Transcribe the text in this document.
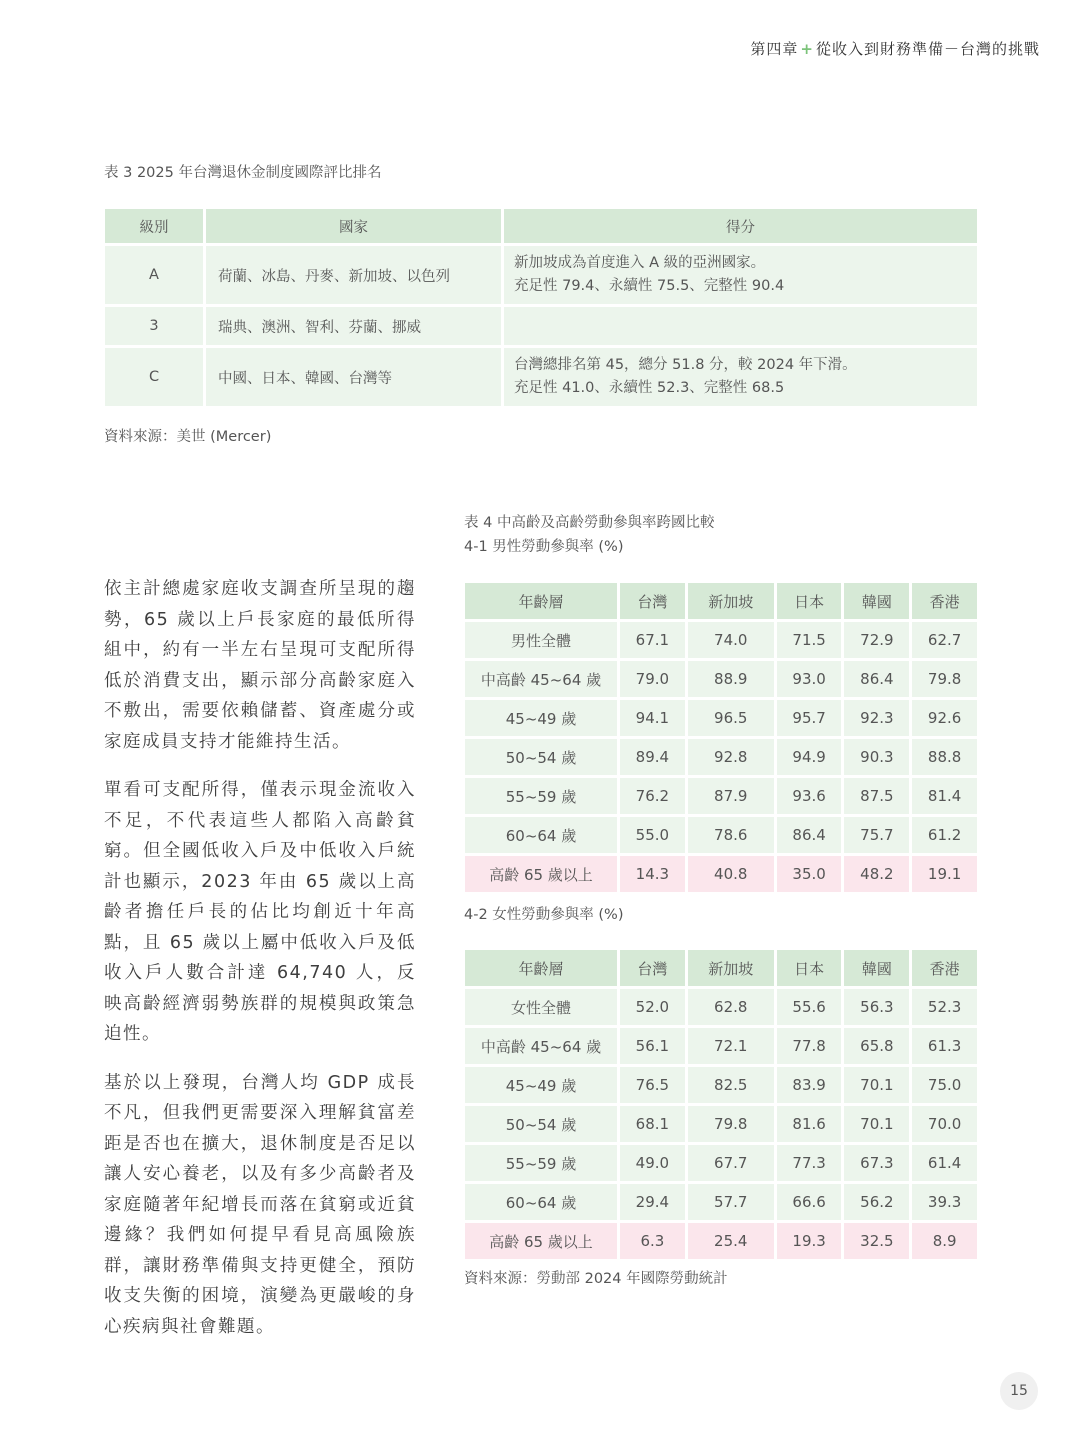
第四章 + 從收入到財務準備－台灣的挑戰
表 3 2025 年台灣退休金制度國際評比排名
級別	國家	得分
A	荷蘭、冰島、丹麥、新加坡、以色列	新加坡成為首度進入 A 級的亞洲國家。
充足性 79.4、永續性 75.5、完整性 90.4

3	瑞典、澳洲、智利、芬蘭、挪威	
C	中國、日本、韓國、台灣等	台灣總排名第 45，總分 51.8 分，較 2024 年下滑。
充足性 41.0、永續性 52.3、完整性 68.5
資料來源：美世 (Mercer)
表 4 中高齡及高齡勞動參與率跨國比較
4-1 男性勞動參與率 (%)
年齡層	台灣	新加坡	日本	韓國	香港
男性全體	67.1	74.0	71.5	72.9	62.7
中高齡 45~64 歲	79.0	88.9	93.0	86.4	79.8
45~49 歲	94.1	96.5	95.7	92.3	92.6
50~54 歲	89.4	92.8	94.9	90.3	88.8
55~59 歲	76.2	87.9	93.6	87.5	81.4
60~64 歲	55.0	78.6	86.4	75.7	61.2
高齡 65 歲以上	14.3	40.8	35.0	48.2	19.1
4-2 女性勞動參與率 (%)
年齡層	台灣	新加坡	日本	韓國	香港
女性全體	52.0	62.8	55.6	56.3	52.3
中高齡 45~64 歲	56.1	72.1	77.8	65.8	61.3
45~49 歲	76.5	82.5	83.9	70.1	75.0
50~54 歲	68.1	79.8	81.6	70.1	70.0
55~59 歲	49.0	67.7	77.3	67.3	61.4
60~64 歲	29.4	57.7	66.6	56.2	39.3
高齡 65 歲以上	6.3	25.4	19.3	32.5	8.9
資料來源：勞動部 2024 年國際勞動統計

依主計總處家庭收支調查所呈現的趨勢，65 歲以上戶長家庭的最低所得組中，約有一半左右呈現可支配所得低於消費支出，顯示部分高齡家庭入不敷出，需要依賴儲蓄、資產處分或家庭成員支持才能維持生活。

單看可支配所得，僅表示現金流收入不足，不代表這些人都陷入高齡貧窮。但全國低收入戶及中低收入戶統計也顯示，2023 年由 65 歲以上高齡者擔任戶長的佔比均創近十年高點，且 65 歲以上屬中低收入戶及低收入戶人數合計達 64,740 人，反映高齡經濟弱勢族群的規模與政策急迫性。

基於以上發現，台灣人均 GDP 成長不凡，但我們更需要深入理解貧富差距是否也在擴大，退休制度是否足以讓人安心養老，以及有多少高齡者及家庭隨著年紀增長而落在貧窮或近貧邊緣？我們如何提早看見高風險族群，讓財務準備與支持更健全，預防收支失衡的困境，演變為更嚴峻的身心疾病與社會難題。

15
